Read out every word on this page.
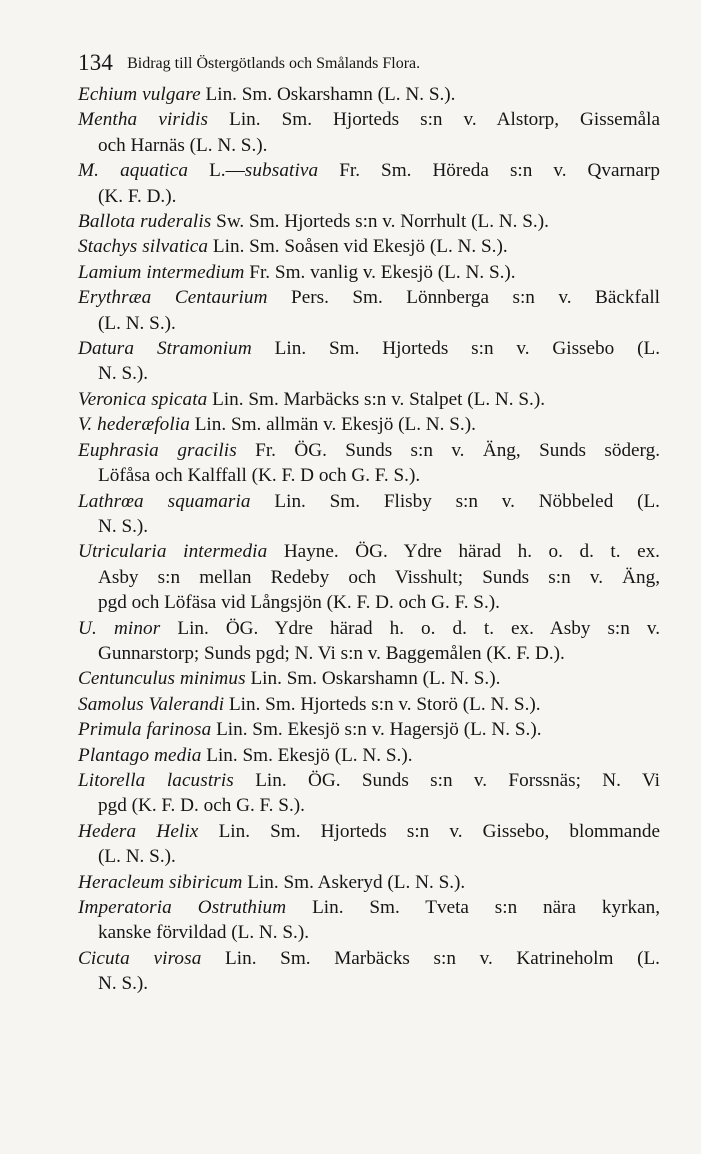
134 Bidrag till Östergötlands och Smålands Flora.

Echium vulgare Lin. Sm. Oskarshamn (L. N. S.).

Mentha viridis Lin. Sm. Hjorteds s:n v. Alstorp, Gissemåla
och Harnäs (L. N. S.).

M. aquatica L.—subsativa Fr. Sm. Höreda s:n v. Qvarnarp
(K. F. D.).

Ballota ruderalis Sw. Sm. Hjorteds s:n v. Norrhult (L. N. S.).

Stachys silvatica Lin. Sm. Soåsen vid Ekesjö (L. N. S.).

Lamium intermedium Fr. Sm. vanlig v. Ekesjö (L. N. S.).

Erythræa Centaurium Pers. Sm. Lönnberga s:n v. Bäckfall
(L. N. S.).

Datura Stramonium Lin. Sm. Hjorteds s:n v. Gissebo (L.
N. S.).

Veronica spicata Lin. Sm. Marbäcks s:n v. Stalpet (L. N. S.).

V. hederæfolia Lin. Sm. allmän v. Ekesjö (L. N. S.).

Euphrasia gracilis Fr. ÖG. Sunds s:n v. Äng, Sunds söderg.
Löfåsa och Kalffall (K. F. D och G. F. S.).

Lathrœa squamaria Lin. Sm. Flisby s:n v. Nöbbeled (L.
N. S.).

Utricularia intermedia Hayne. ÖG. Ydre härad h. o. d. t. ex.
Asby s:n mellan Redeby och Visshult; Sunds s:n v. Äng,
pgd och Löfäsa vid Långsjön (K. F. D. och G. F. S.).

U. minor Lin. ÖG. Ydre härad h. o. d. t. ex. Asby s:n v.
Gunnarstorp; Sunds pgd; N. Vi s:n v. Baggemålen (K. F. D.).

Centunculus minimus Lin. Sm. Oskarshamn (L. N. S.).

Samolus Valerandi Lin. Sm. Hjorteds s:n v. Storö (L. N. S.).

Primula farinosa Lin. Sm. Ekesjö s:n v. Hagersjö (L. N. S.).

Plantago media Lin. Sm. Ekesjö (L. N. S.).

Litorella lacustris Lin. ÖG. Sunds s:n v. Forssnäs; N. Vi
pgd (K. F. D. och G. F. S.).

Hedera Helix Lin. Sm. Hjorteds s:n v. Gissebo, blommande
(L. N. S.).

Heracleum sibiricum Lin. Sm. Askeryd (L. N. S.).

Imperatoria Ostruthium Lin. Sm. Tveta s:n nära kyrkan,
kanske förvildad (L. N. S.).

Cicuta virosa Lin. Sm. Marbäcks s:n v. Katrineholm (L.
N. S.).
